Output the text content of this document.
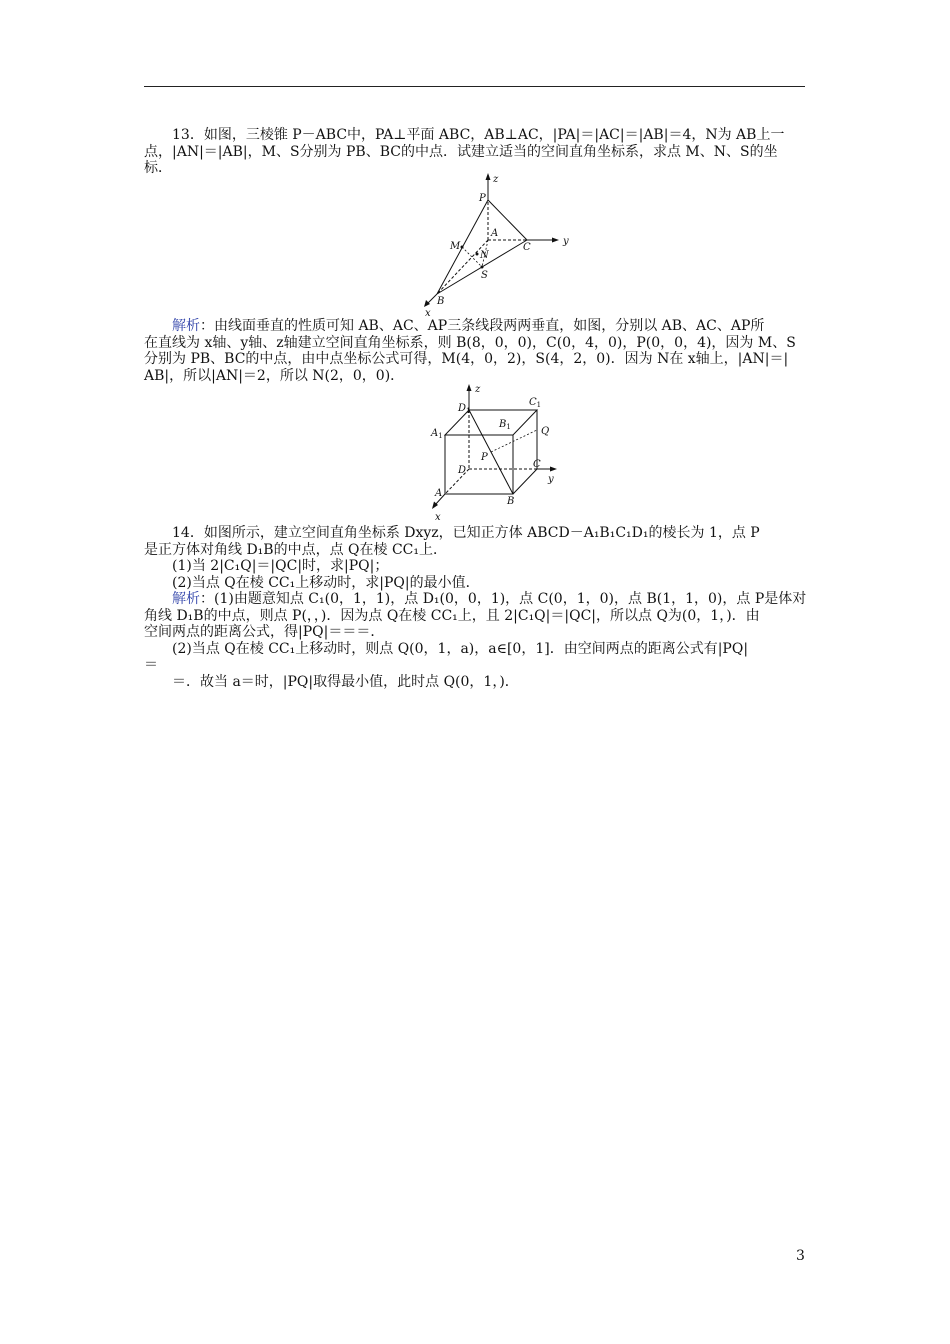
　　13．如图，三棱锥 P－ABC中，PA⊥平面 ABC，AB⊥AC，|PA|＝|AC|＝|AB|＝4，N为 AB上一
点，|AN|＝|AB|，M、S分别为 PB、BC的中点．试建立适当的空间直角坐标系，求点 M、N、S的坐
标．
z
y
x
P
A
C
M
N
S
B
　　解析：由线面垂直的性质可知 AB、AC、AP三条线段两两垂直，如图，分别以 AB、AC、AP所
在直线为 x轴、y轴、z轴建立空间直角坐标系，则 B(8，0，0)，C(0，4，0)，P(0，0，4)，因为 M、S
分别为 PB、BC的中点，由中点坐标公式可得，M(4，0，2)，S(4，2，0)．因为 N在 x轴上，|AN|＝|
AB|，所以|AN|＝2，所以 N(2，0，0)．
z
$D_1$
$C_1$
$B_1$
$A_1$	Q
P
D
C
y
A
B
x
　　14．如图所示，建立空间直角坐标系 Dxyz，已知正方体 ABCD－A₁B₁C₁D₁的棱长为 1，点 P
是正方体对角线 D₁B的中点，点 Q在棱 CC₁上．
　　(1)当 2|C₁Q|＝|QC|时，求|PQ|；
　　(2)当点 Q在棱 CC₁上移动时，求|PQ|的最小值．
　　解析：(1)由题意知点 C₁(0，1，1)，点 D₁(0，0，1)，点 C(0，1，0)，点 B(1，1，0)，点 P是体对
角线 D₁B的中点，则点 P(，，)．因为点 Q在棱 CC₁上，且 2|C₁Q|＝|QC|，所以点 Q为(0，1，)．由
空间两点的距离公式，得|PQ|＝＝＝．
　　(2)当点 Q在棱 CC₁上移动时，则点 Q(0，1，a)，a∈[0，1]．由空间两点的距离公式有|PQ|
＝
　　＝．故当 a＝时，|PQ|取得最小值，此时点 Q(0，1，)．
3
